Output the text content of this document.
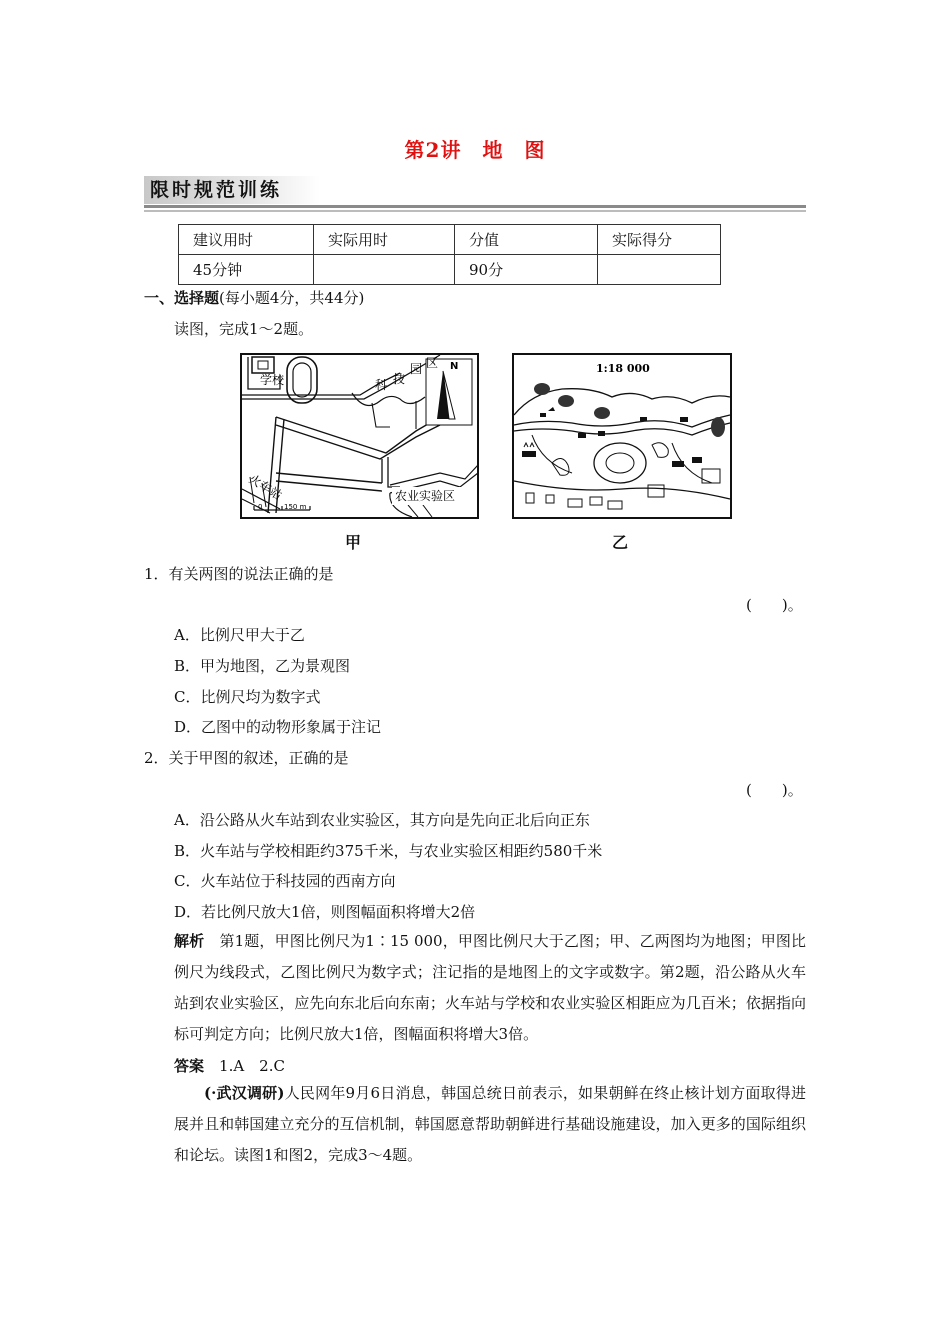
第2讲　地　图
限时规范训练
建议用时	实际用时	分值	实际得分
45分钟		90分	
一、选择题(每小题4分，共44分)
读图，完成1～2题。
N
学校	科 技
园 区
火车站	农业实验区
0	150 m
1:18 000
甲	乙
1．有关两图的说法正确的是
(　　)。
A．比例尺甲大于乙
B．甲为地图，乙为景观图
C．比例尺均为数字式
D．乙图中的动物形象属于注记
2．关于甲图的叙述，正确的是
(　　)。
A．沿公路从火车站到农业实验区，其方向是先向正北后向正东
B．火车站与学校相距约375千米，与农业实验区相距约580千米
C．火车站位于科技园的西南方向
D．若比例尺放大1倍，则图幅面积将增大2倍
解析　 第1题，甲图比例尺为1∶15 000，甲图比例尺大于乙图；甲、乙两图均为地图；甲图比例尺为线段式，乙图比例尺为数字式；注记指的是地图上的文字或数字。第2题，沿公路从火车站到农业实验区，应先向东北后向东南；火车站与学校和农业实验区相距应为几百米；依据指向标可判定方向；比例尺放大1倍，图幅面积将增大3倍。
答案　 1.A　2.C
(·武汉调研)人民网年9月6日消息，韩国总统日前表示，如果朝鲜在终止核计划方面取得进展并且和韩国建立充分的互信机制，韩国愿意帮助朝鲜进行基础设施建设，加入更多的国际组织和论坛。读图1和图2，完成3～4题。
